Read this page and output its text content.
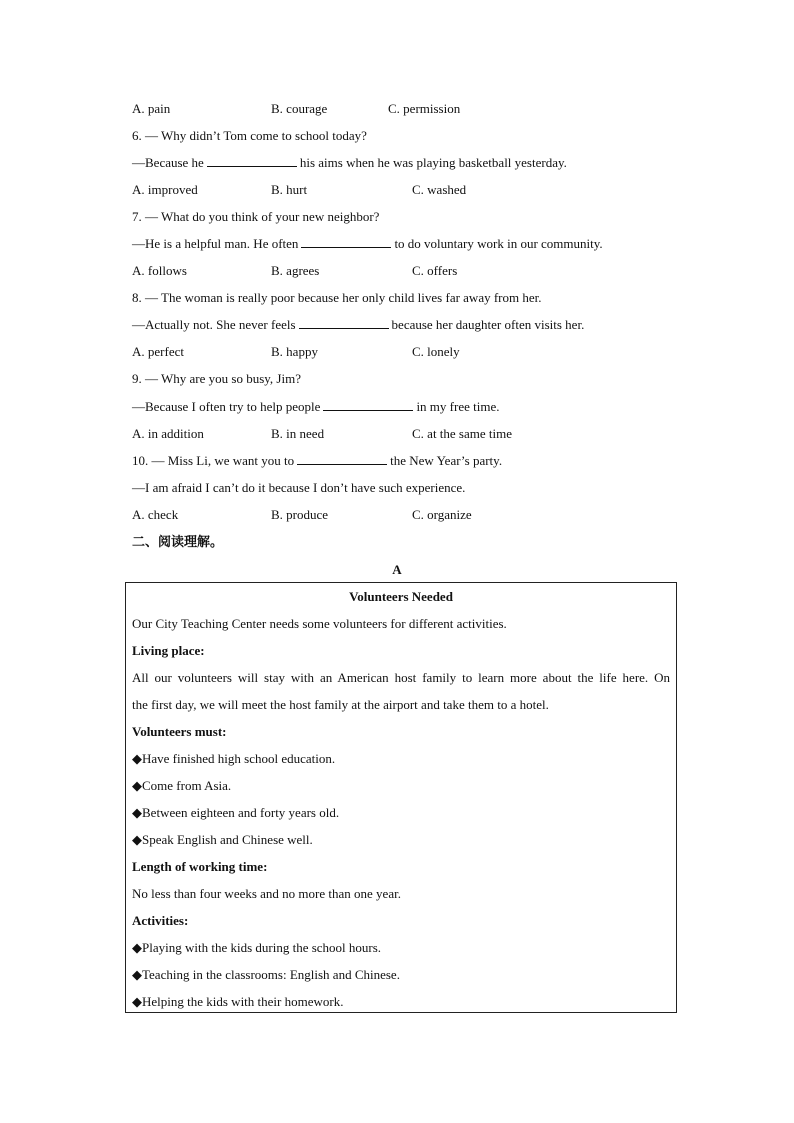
A. pain	B. courage	C. permission
6. — Why didn’t Tom come to school today?
—Because he	his aims when he was playing basketball yesterday.
A. improved	B. hurt	C. washed
7. — What do you think of your new neighbor?
—He is a helpful man. He often	to do voluntary work in our community.
A. follows	B. agrees	C. offers
8. — The woman is really poor because her only child lives far away from her.
—Actually not. She never feels	because her daughter often visits her.
A. perfect	B. happy	C. lonely
9. — Why are you so busy, Jim?
—Because I often try to help people	in my free time.
A. in addition	B. in need	C. at the same time
10. — Miss Li, we want you to	the New Year’s party.
—I am afraid I can’t do it because I don’t have such experience.
A. check	B. produce	C. organize
二、阅读理解。
A
Volunteers Needed
Our City Teaching Center needs some volunteers for different activities.
Living place:
All our volunteers will stay with an American host family to learn more about the life here. On
the first day, we will meet the host family at the airport and take them to a hotel.
Volunteers must:
◆Have finished high school education.
◆Come from Asia.
◆Between eighteen and forty years old.
◆Speak English and Chinese well.
Length of working time:
No less than four weeks and no more than one year.
Activities:
◆Playing with the kids during the school hours.
◆Teaching in the classrooms: English and Chinese.
◆Helping the kids with their homework.
